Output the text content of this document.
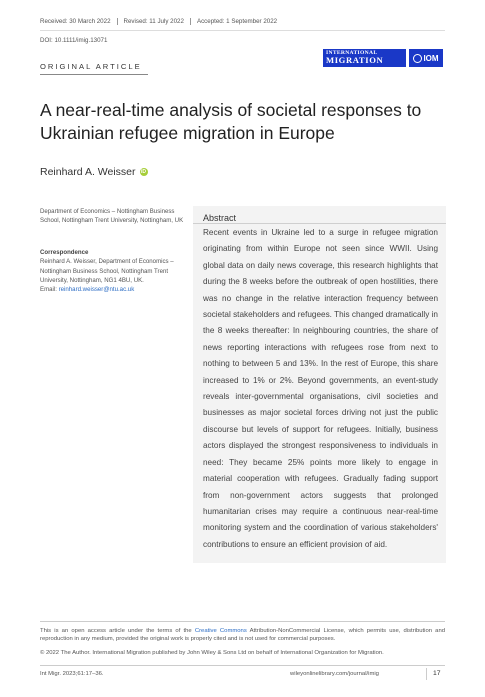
Received: 30 March 2022	Revised: 11 July 2022	Accepted: 1 September 2022
DOI: 10.1111/imig.13071
ORIGINAL ARTICLE
INTERNATIONAL
MIGRATION	IOM
A near-real-time analysis of societal responses to Ukrainian refugee migration in Europe
Reinhard A. Weisser	iD
Department of Economics – Nottingham Business School, Nottingham Trent University, Nottingham, UK
Correspondence
Reinhard A. Weisser, Department of Economics – Nottingham Business School, Nottingham Trent University, Nottingham, NG1 4BU, UK.
Email: reinhard.weisser@ntu.ac.uk
Abstract

Recent events in Ukraine led to a surge in refugee migration originating from within Europe not seen since WWII. Using global data on daily news coverage, this research highlights that during the 8 weeks before the outbreak of open hostilities, there was no change in the relative interaction frequency between societal stakeholders and refugees. This changed dramatically in the 8 weeks thereafter: In neighbouring countries, the share of news reporting interactions with refugees rose from next to nothing to between 5 and 13%. In the rest of Europe, this share increased to 1% or 2%. Beyond governments, an event-study reveals inter-governmental organisations, civil societies and businesses as major societal forces driving not just the public discourse but levels of support for refugees. Initially, business actors displayed the strongest responsiveness to individuals in need: They became 25% points more likely to engage in material cooperation with refugees. Gradually fading support from non-government actors suggests that prolonged humanitarian crises may require a continuous near-real-time monitoring system and the coordination of various stakeholders' contributions to ensure an efficient provision of aid.

This is an open access article under the terms of the Creative Commons Attribution-NonCommercial License, which permits use, distribution and reproduction in any medium, provided the original work is properly cited and is not used for commercial purposes.

© 2022 The Author. International Migration published by John Wiley & Sons Ltd on behalf of International Organization for Migration.

Int Migr. 2023;61:17–36.	wileyonlinelibrary.com/journal/imig	17
